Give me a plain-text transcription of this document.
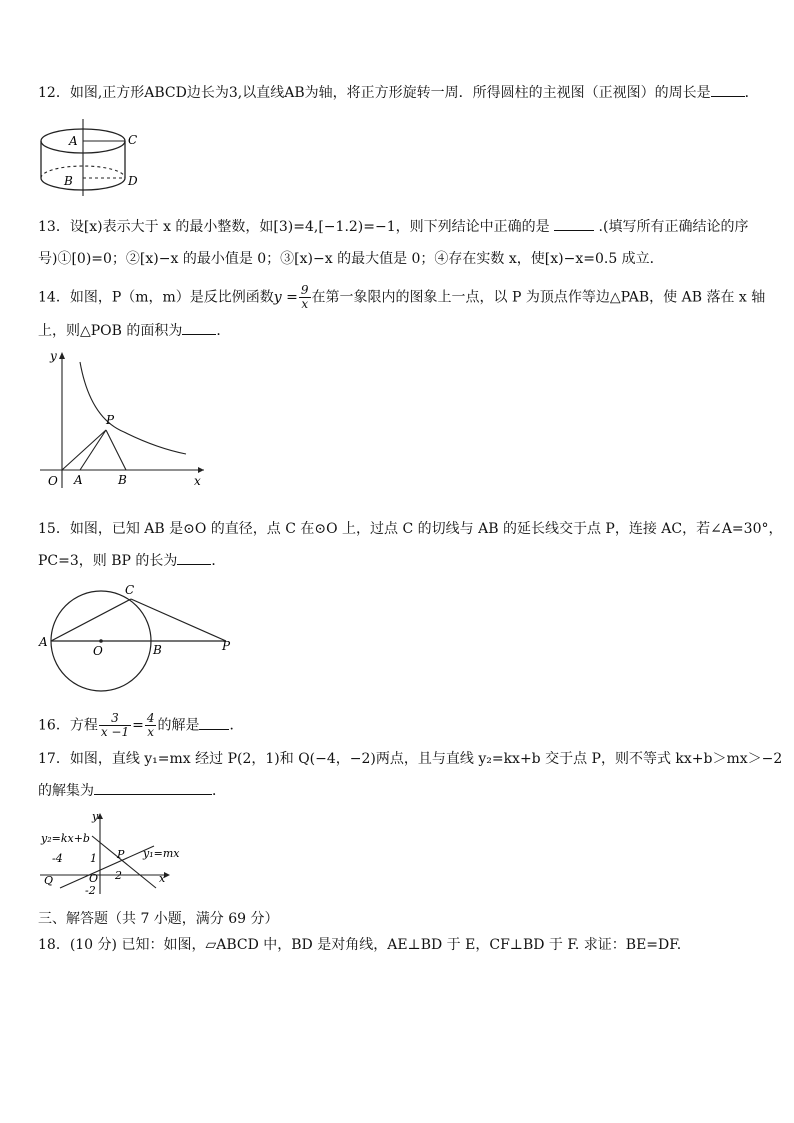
12．如图,正方形ABCD边长为3,以直线AB为轴，将正方形旋转一周．所得圆柱的主视图（正视图）的周长是 ．
A	C
B	D
13．设[x)表示大于 x 的最小整数，如[3)=4,[−1.2)=−1，则下列结论中正确的是	.(填写所有正确结论的序
号)①[0)=0；②[x)−x 的最小值是 0；③[x)−x 的最大值是 0；④存在实数 x，使[x)−x=0.5 成立．
14．如图，P（m，m）是反比例函数$y = \frac{9}{x}$ 在第一象限内的图象上一点，以 P 为顶点作等边△PAB，使 AB 落在 x 轴
上，则△POB 的面积为 ．
y
x
O A	B
P
15．如图，已知 AB 是⊙O 的直径，点 C 在⊙O 上，过点 C 的切线与 AB 的延长线交于点 P，连接 AC，若∠A=30°，
PC=3，则 BP 的长为 ．
A
O	B	P
C
16．方程 $\frac{3}{x -1} = \frac{4}{x}$ 的解是 ．
17．如图，直线 y₁=mx 经过 P(2，1)和 Q(−4，−2)两点，且与直线 y₂=kx+b 交于点 P，则不等式 kx+b＞mx＞−2
的解集为	．
y
x
y₂=kx+b
y₁=mx
-4 1 P
O 2
Q
-2
三、解答题（共 7 小题，满分 69 分）
18．(10 分) 已知：如图，▱ABCD 中，BD 是对角线，AE⊥BD 于 E，CF⊥BD 于 F. 求证：BE=DF.
